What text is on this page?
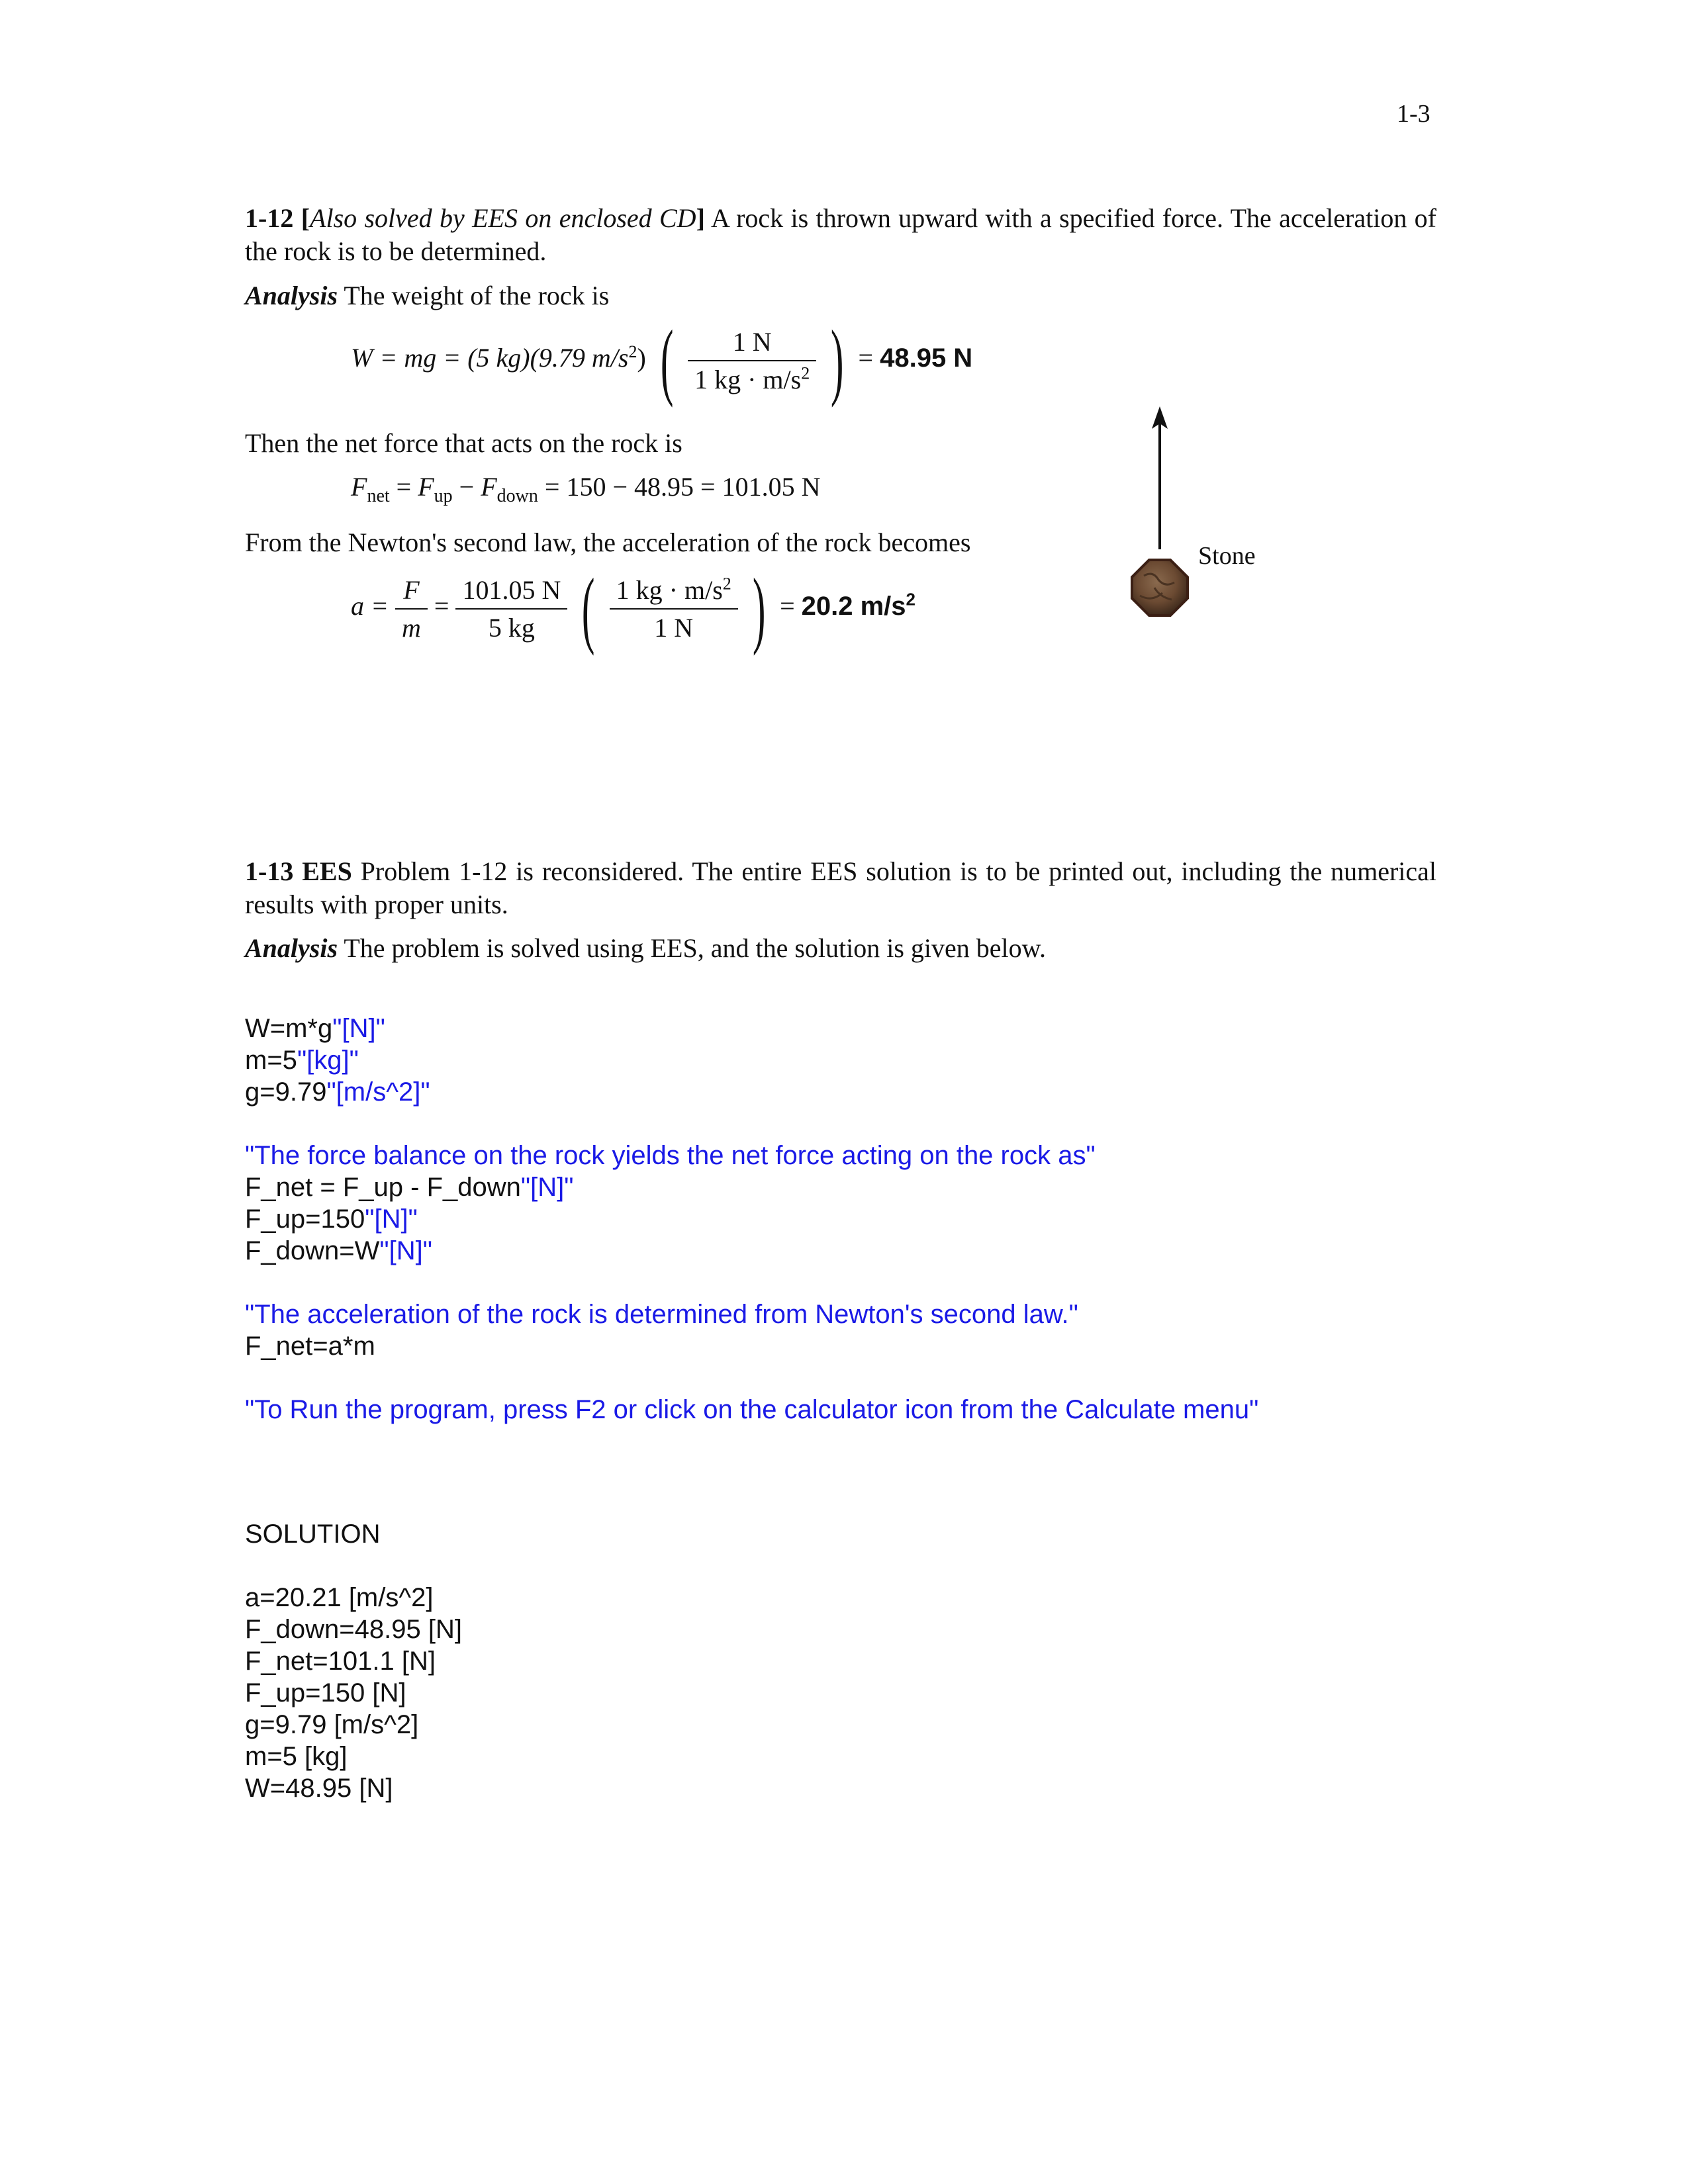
1-3
1-12 [Also solved by EES on enclosed CD] A rock is thrown upward with a specified force. The acceleration of the rock is to be determined.
Analysis The weight of the rock is
W = mg = (5 kg)(9.79 $m/s^2$) ( $\frac{1 N}{1 kg \cdot m/s^2}$ ) = 48.95 N
Then the net force that acts on the rock is
$F_{net} = F_{up} - F_{down} = 150 - 48.95 = 101.05$ N
From the Newton's second law, the acceleration of the rock becomes
$a = \frac{F}{m} = \frac{101.05 N}{5 kg}$ ( $\frac{1 kg \cdot m/s^2}{1 N}$ ) = 20.2 $m/s^2$
Stone
1-13 EES Problem 1-12 is reconsidered. The entire EES solution is to be printed out, including the numerical results with proper units.
Analysis The problem is solved using EES, and the solution is given below.
W=m*g"[N]"
m=5"[kg]"
g=9.79"[m/s^2]"
"The force balance on the rock yields the net force acting on the rock as"
F_net = F_up - F_down"[N]"
F_up=150"[N]"
F_down=W"[N]"
"The acceleration of the rock is determined from Newton's second law."
F_net=a*m
"To Run the program, press F2 or click on the calculator icon from the Calculate menu"

SOLUTION

a=20.21 [m/s^2]
F_down=48.95 [N]
F_net=101.1 [N]
F_up=150 [N]
g=9.79 [m/s^2]
m=5 [kg]
W=48.95 [N]
